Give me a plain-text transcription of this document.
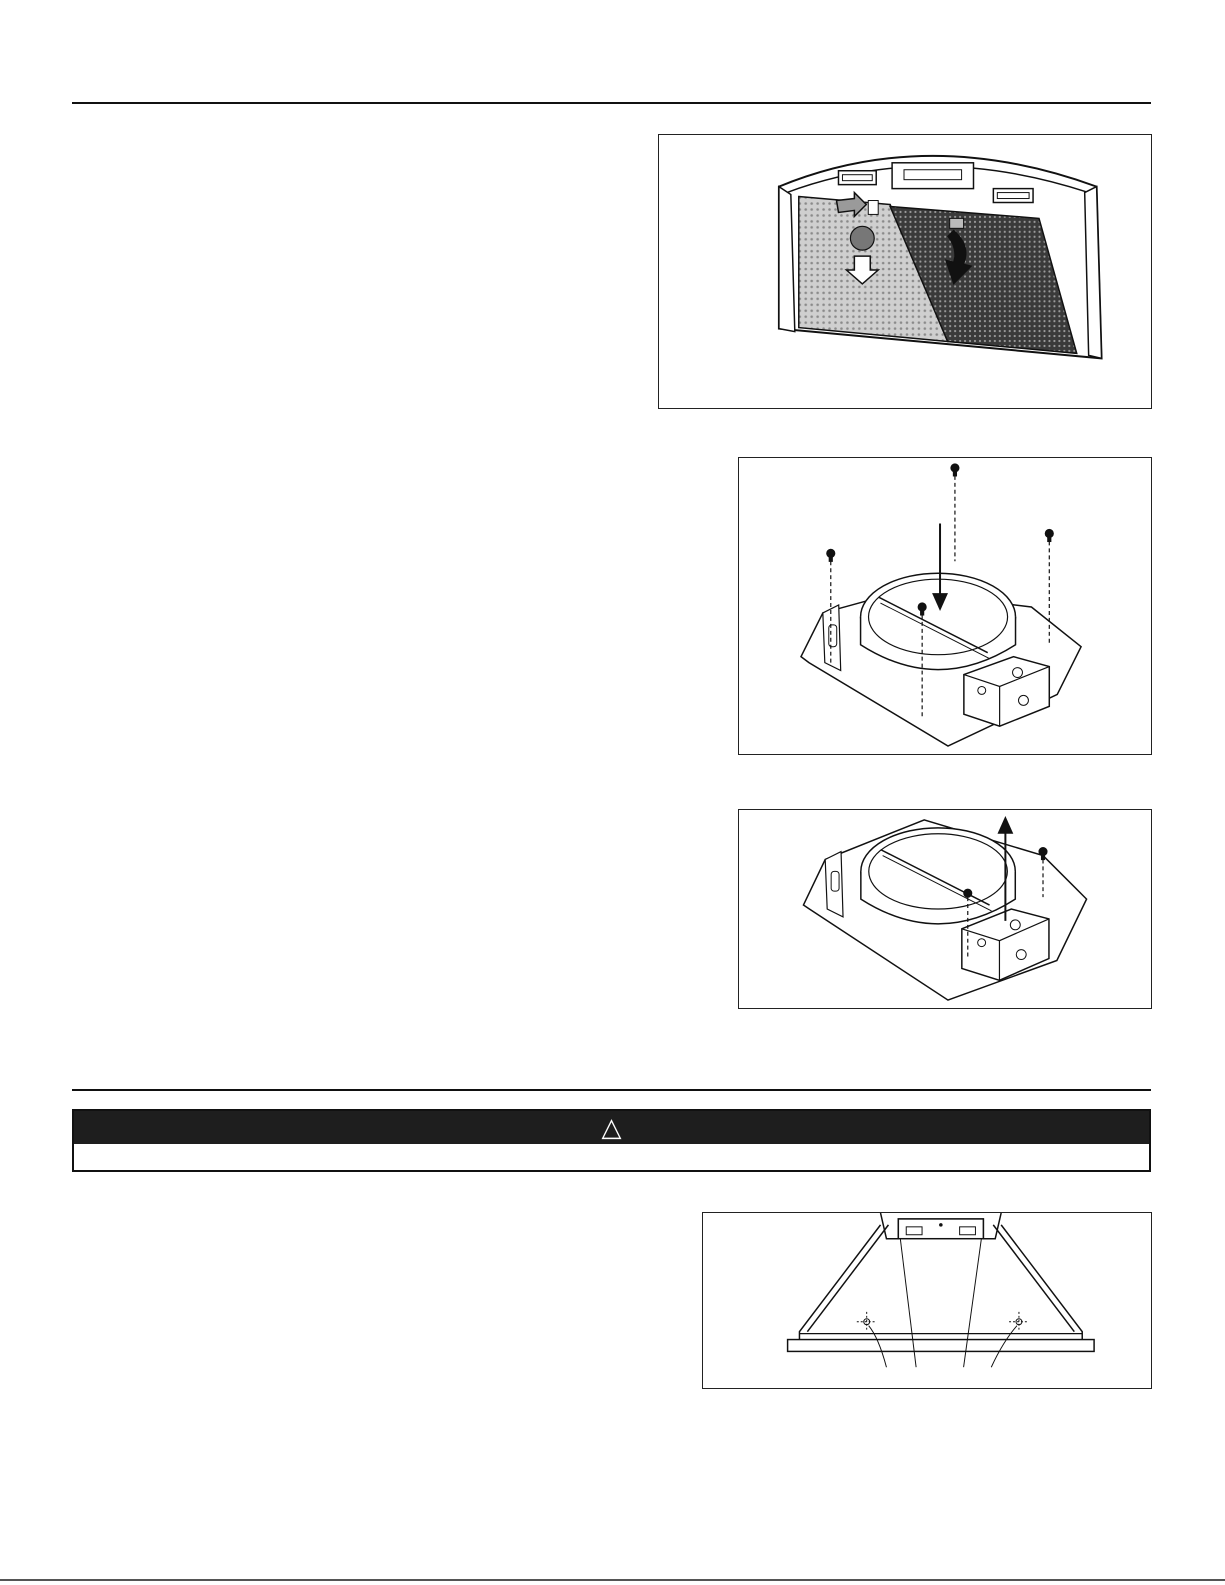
△
